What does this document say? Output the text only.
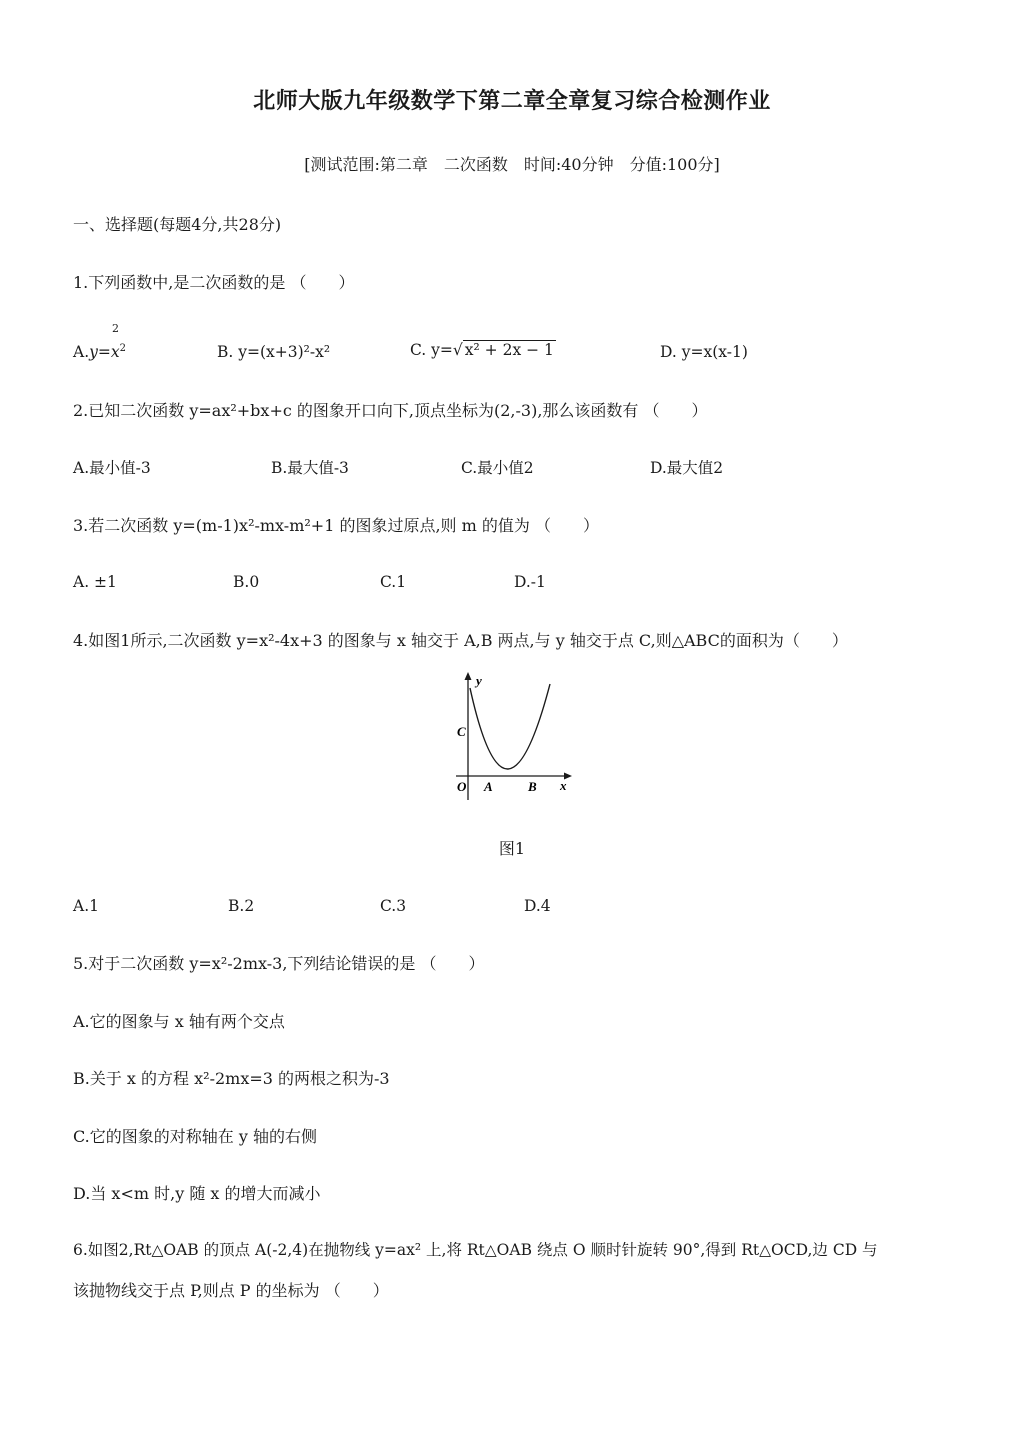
北师大版九年级数学下第二章全章复习综合检测作业
[测试范围:第二章　二次函数　时间:40分钟　分值:100分]
一、选择题(每题4分,共28分)
1.下列函数中,是二次函数的是 （　　）
2
$A.y=x^2$	B. y=(x+3)²-x²	C. y=√ x² + 2x − 1	D. y=x(x-1)
2.已知二次函数 y=ax²+bx+c 的图象开口向下,顶点坐标为(2,-3),那么该函数有 （　　）
A.最小值-3	B.最大值-3	C.最小值2	D.最大值2
3.若二次函数 y=(m-1)x²-mx-m²+1 的图象过原点,则 m 的值为 （　　）
A. ±1	B.0	C.1	D.-1
4.如图1所示,二次函数 y=x²-4x+3 的图象与 x 轴交于 A,B 两点,与 y 轴交于点 C,则△ABC的面积为（　　）
y
x
O A	B
C
图1
A.1	B.2	C.3	D.4
5.对于二次函数 y=x²-2mx-3,下列结论错误的是 （　　）
A.它的图象与 x 轴有两个交点
B.关于 x 的方程 x²-2mx=3 的两根之积为-3
C.它的图象的对称轴在 y 轴的右侧
D.当 x<m 时,y 随 x 的增大而减小
6.如图2,Rt△OAB 的顶点 A(-2,4)在抛物线 y=ax² 上,将 Rt△OAB 绕点 O 顺时针旋转 90°,得到 Rt△OCD,边 CD 与
该抛物线交于点 P,则点 P 的坐标为 （　　）
